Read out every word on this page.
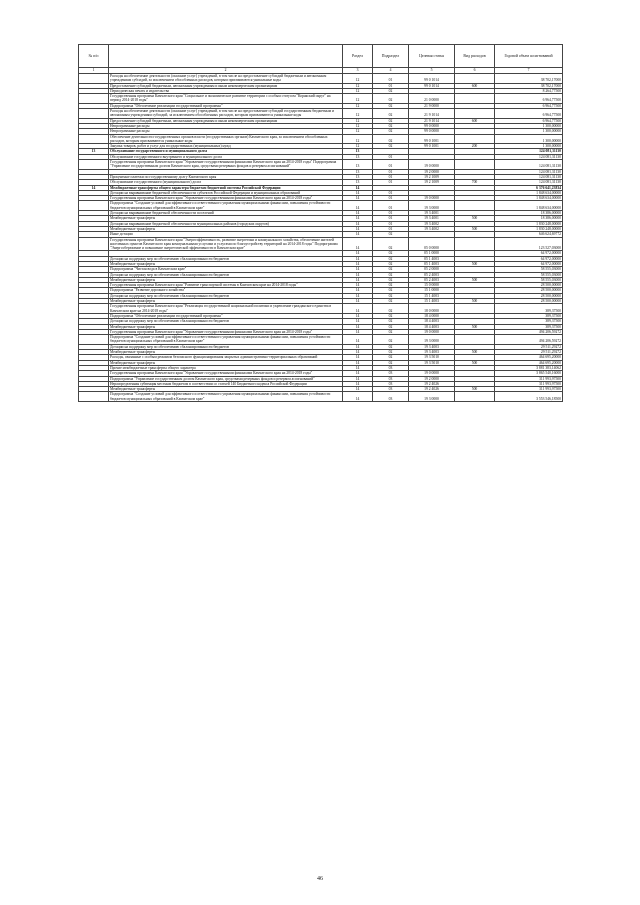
№ п/п		Раздел	Подраздел	Целевая статья	Вид расходов	Годовой объем ассигнований
1	2	3	4	5	6	7
	Расходы на обеспечение деятельности (оказание услуг) учреждений, в том числе на предоставление субсидий бюджетным и автономным учреждениям субсидий, за исключением обособленных расходов, которым присваиваются уникальные коды	12	01	99 0 1014		38 702,17000
	Предоставление субсидий бюджетным, автономным учреждениям и иным некоммерческим организациям	12	01	99 0 1014	600	38 702,17000
	Периодическая печать и издательства	12	02			8 264,77500
	Государственная программа Камчатского края "Социальное и экономическое развитие территории с особым статусом "Корякский округ" на период 2014-2018 годы"	12	02	21 0 0000		6 964,77500
	Подпрограмма "Обеспечение реализации государственной программы"	12	02	21 9 0000		6 964,77500
	Расходы на обеспечение деятельности (оказание услуг) учреждений, в том числе на предоставление субсидий государственным бюджетным и автономным учреждениям субсидий, за исключением обособленных расходов, которым присваиваются уникальные коды	12	02	21 9 1014		6 964,77500
	Предоставление субсидий бюджетным, автономным учреждениям и иным некоммерческим организациям	12	02	21 9 1014	600	6 964,77500
	Непрограммные расходы	12	02	99 0 0000		1 300,00000
	Непрограммные расходы	12	02	99 0 0000		1 300,00000
	Обеспечение деятельности государственных органов власти (государственных органов) Камчатского края, за исключением обособленных расходов, которым присваиваются уникальные коды	12	02	99 0 1001		1 300,00000
	Закупка товаров, работ и услуг для государственных (муниципальных) нужд	12	02	99 0 1001	200	1 300,00000
13	Обслуживание государственного и муниципального долга	13				124 081,31130
	Обслуживание государственного внутреннего и муниципального долга	13	01			124 081,31130
	Государственная программа Камчатского края "Управление государственными финансами Камчатского края на 2014-2018 годы" Подпрограмма "Управление государственным долгом Камчатского края, средствами резервных фондов и резервом ассигнований"	13	01	19 0 0000		124 081,31130
		13	01	19 2 0000		124 081,31130
	Процентные платежи по государственному долгу Камчатского края	13	01	19 2 1009		124 081,31130
	Обслуживание государственного (муниципального) долга	13	01	19 2 1009	700	124 081,31130
14	Межбюджетные трансферты общего характера бюджетам бюджетной системы Российской Федерации	14				6 376 641,23834
	Дотации на выравнивание бюджетной обеспеченности субъектов Российской Федерации и муниципальных образований	14	01			1 848 634,00000
	Государственная программа Камчатского края "Управление государственными финансами Камчатского края на 2014-2018 годы"	14	01	19 0 0000		1 848 634,00000
	Подпрограмма "Создание условий для эффективного и ответственного управления муниципальными финансами, повышения устойчивости бюджетов муниципальных образований в Камчатском крае"	14	01	19 3 0000		1 848 634,00000
	Дотации на выравнивание бюджетной обеспеченности поселений	14	01	19 3 4001		18 386,00000
	Межбюджетные трансферты	14	01	19 3 4001	500	18 386,00000
	Дотации на выравнивание бюджетной обеспеченности муниципальных районов (городских округов)	14	01	19 3 4002		1 830 248,00000
	Межбюджетные трансферты	14	01	19 3 4002	500	1 830 248,00000
	Иные дотации	14	02			646 624,69772
	Государственная программа Камчатского края "Энергоэффективность, развитие энергетики и коммунального хозяйства, обеспечение жителей населенных пунктов Камчатского края коммунальными услугами и услугами по благоустройству территорий на 2014-2018 годы" Подпрограмма "Энергосбережение и повышение энергетической эффективности в Камчатском крае"	14	02	05 0 0000		123 527,03000
		14	02	05 1 0000		64 972,00000
	Дотации на поддержку мер по обеспечению сбалансированности бюджетов	14	02	05 1 4003		64 972,00000
	Межбюджетные трансферты	14	02	05 1 4003	500	64 972,00000
	Подпрограмма "Чистая вода в Камчатском крае"	14	02	05 2 0000		58 555,03000
	Дотации на поддержку мер по обеспечению сбалансированности бюджетов	14	02	05 2 4003		58 555,03000
	Межбюджетные трансферты	14	02	05 2 4003	500	58 555,03000
	Государственная программа Камчатского края "Развитие транспортной системы в Камчатском крае на 2014-2018 годы"	14	02	15 0 0000		28 500,00000
	Подпрограмма "Развитие дорожного хозяйства"	14	02	15 1 0000		28 500,00000
	Дотации на поддержку мер по обеспечению сбалансированности бюджетов	14	02	15 1 4003		28 500,00000
	Межбюджетные трансферты	14	02	15 1 4003	500	28 500,00000
	Государственная программа Камчатского края "Реализация государственной национальной политики и укрепление гражданского единства в Камчатском крае на 2014-2018 годы"	14	02	18 0 0000		389,37500
	Подпрограмма "Обеспечение реализации государственной программы"	14	02	18 4 0000		389,37500
	Дотации на поддержку мер по обеспечению сбалансированности бюджетов	14	02	18 4 4003		389,37500
	Межбюджетные трансферты	14	02	18 4 4003	500	389,37500
	Государственная программа Камчатского края "Управление государственными финансами Камчатского края на 2014-2018 годы"	14	02	19 0 0000		494 206,59272
	Подпрограмма "Создание условий для эффективного и ответственного управления муниципальными финансами, повышения устойчивости бюджетов муниципальных образований в Камчатском крае"	14	02	19 3 0000		494 206,59272
	Дотации на поддержку мер по обеспечению сбалансированности бюджетов	14	02	19 3 4003		29 511,29272
	Межбюджетные трансферты	14	02	19 3 4003	500	29 511,29272
	Расходы, связанные с особым режимом безопасного функционирования закрытых административно-территориальных образований	14	02	19 3 5010		464 695,20000
	Межбюджетные трансферты	14	02	19 3 5010	500	464 695,20000
	Прочие межбюджетные трансферты общего характера	14	03			3 881 383,14062
	Государственная программа Камчатского края "Управление государственными финансами Камчатского края на 2014-2018 годы"	14	03	19 0 0000		3 865 540,16000
	Подпрограмма "Управление государственным долгом Камчатского края, средствами резервных фондов и резервом ассигнований"	14	03	19 2 0000		311 993,97500
	Нераспределенная субвенция местным бюджетам в соответствии со статьей 140 Бюджетного кодекса Российской Федерации	14	03	19 2 4026		311 993,97500
	Межбюджетные трансферты	14	03	19 2 4026	500	311 993,97500
	Подпрограмма "Создание условий для эффективного и ответственного управления муниципальными финансами, повышения устойчивости бюджетов муниципальных образований в Камчатском крае"	14	03	19 3 0000		3 553 546,18500
46
